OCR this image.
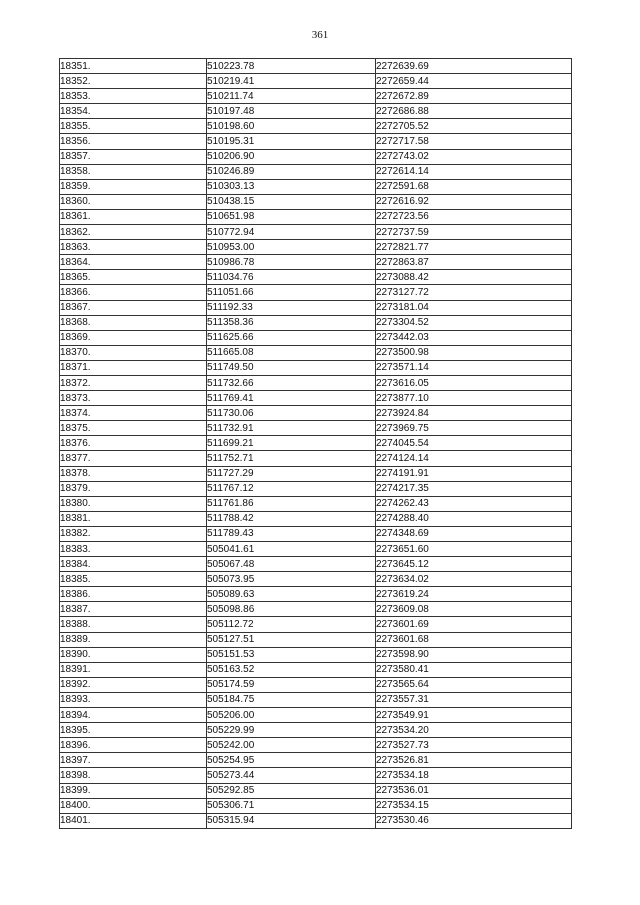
361
18351.	510223.78	2272639.69
18352.	510219.41	2272659.44
18353.	510211.74	2272672.89
18354.	510197.48	2272686.88
18355.	510198.60	2272705.52
18356.	510195.31	2272717.58
18357.	510206.90	2272743.02
18358.	510246.89	2272614.14
18359.	510303.13	2272591.68
18360.	510438.15	2272616.92
18361.	510651.98	2272723.56
18362.	510772.94	2272737.59
18363.	510953.00	2272821.77
18364.	510986.78	2272863.87
18365.	511034.76	2273088.42
18366.	511051.66	2273127.72
18367.	511192.33	2273181.04
18368.	511358.36	2273304.52
18369.	511625.66	2273442.03
18370.	511665.08	2273500.98
18371.	511749.50	2273571.14
18372.	511732.66	2273616.05
18373.	511769.41	2273877.10
18374.	511730.06	2273924.84
18375.	511732.91	2273969.75
18376.	511699.21	2274045.54
18377.	511752.71	2274124.14
18378.	511727.29	2274191.91
18379.	511767.12	2274217.35
18380.	511761.86	2274262.43
18381.	511788.42	2274288.40
18382.	511789.43	2274348.69
18383.	505041.61	2273651.60
18384.	505067.48	2273645.12
18385.	505073.95	2273634.02
18386.	505089.63	2273619.24
18387.	505098.86	2273609.08
18388.	505112.72	2273601.69
18389.	505127.51	2273601.68
18390.	505151.53	2273598.90
18391.	505163.52	2273580.41
18392.	505174.59	2273565.64
18393.	505184.75	2273557.31
18394.	505206.00	2273549.91
18395.	505229.99	2273534.20
18396.	505242.00	2273527.73
18397.	505254.95	2273526.81
18398.	505273.44	2273534.18
18399.	505292.85	2273536.01
18400.	505306.71	2273534.15
18401.	505315.94	2273530.46
